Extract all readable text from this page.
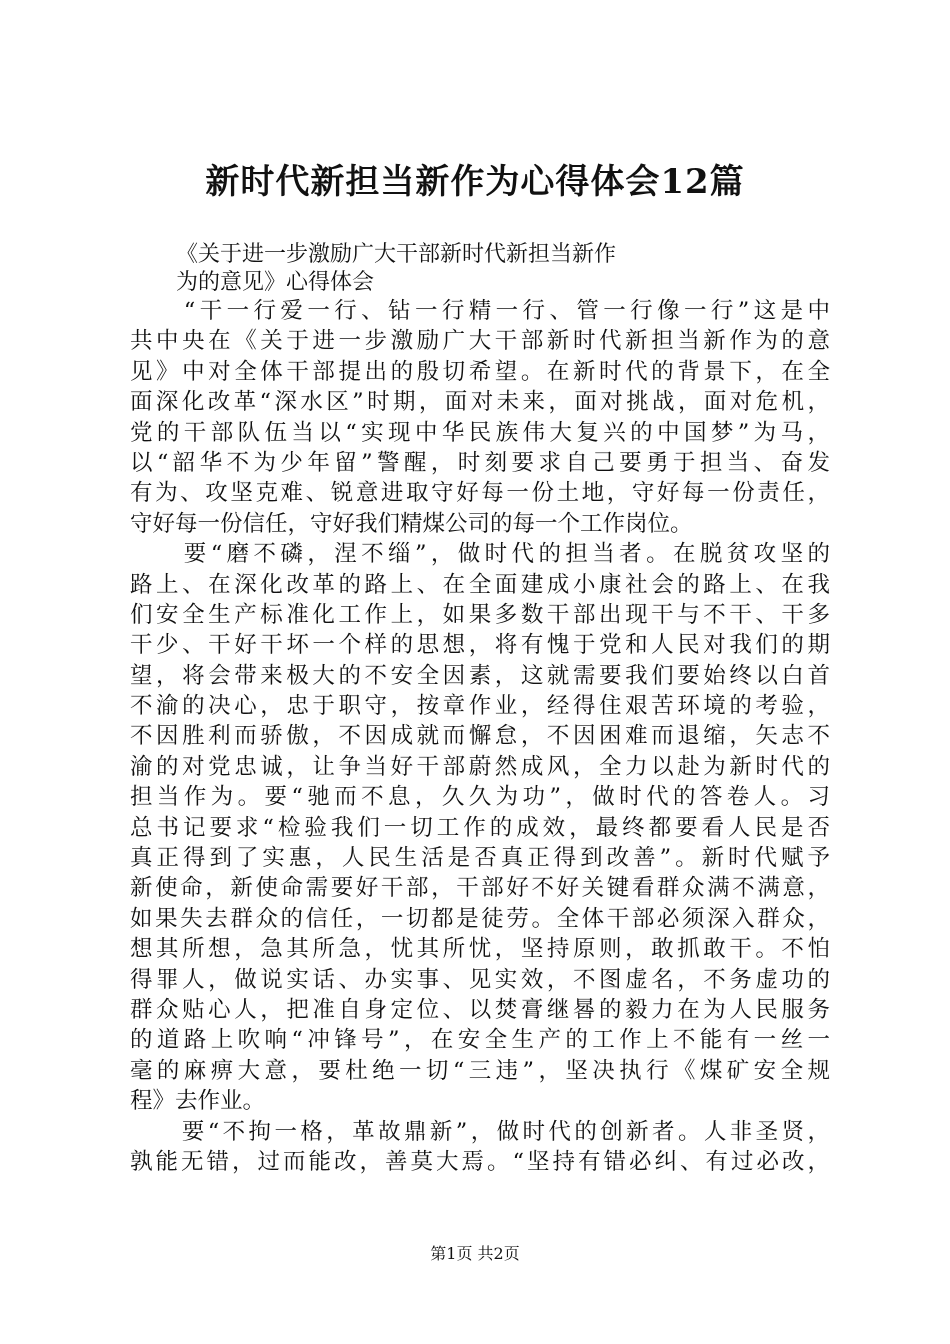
新时代新担当新作为心得体会12篇
《关于进一步激励广大干部新时代新担当新作
为的意见》心得体会
　　“干一行爱一行、钻一行精一行、管一行像一行”这是中
共中央在《关于进一步激励广大干部新时代新担当新作为的意
见》中对全体干部提出的殷切希望。在新时代的背景下，在全
面深化改革“深水区”时期，面对未来，面对挑战，面对危机，
党的干部队伍当以“实现中华民族伟大复兴的中国梦”为马，
以“韶华不为少年留”警醒，时刻要求自己要勇于担当、奋发
有为、攻坚克难、锐意进取守好每一份土地，守好每一份责任，
守好每一份信任，守好我们精煤公司的每一个工作岗位。
　　要“磨不磷，涅不缁”，做时代的担当者。在脱贫攻坚的
路上、在深化改革的路上、在全面建成小康社会的路上、在我
们安全生产标准化工作上，如果多数干部出现干与不干、干多
干少、干好干坏一个样的思想，将有愧于党和人民对我们的期
望，将会带来极大的不安全因素，这就需要我们要始终以白首
不渝的决心，忠于职守，按章作业，经得住艰苦环境的考验，
不因胜利而骄傲，不因成就而懈怠，不因困难而退缩，矢志不
渝的对党忠诚，让争当好干部蔚然成风，全力以赴为新时代的
担当作为。要“驰而不息，久久为功”，做时代的答卷人。习
总书记要求“检验我们一切工作的成效，最终都要看人民是否
真正得到了实惠，人民生活是否真正得到改善”。新时代赋予
新使命，新使命需要好干部，干部好不好关键看群众满不满意，
如果失去群众的信任，一切都是徒劳。全体干部必须深入群众，
想其所想，急其所急，忧其所忧，坚持原则，敢抓敢干。不怕
得罪人，做说实话、办实事、见实效，不图虚名，不务虚功的
群众贴心人，把准自身定位、以焚膏继晷的毅力在为人民服务
的道路上吹响“冲锋号”，在安全生产的工作上不能有一丝一
毫的麻痹大意，要杜绝一切“三违”，坚决执行《煤矿安全规
程》去作业。
　　要“不拘一格，革故鼎新”，做时代的创新者。人非圣贤，
孰能无错，过而能改，善莫大焉。“坚持有错必纠、有过必改，
第1页 共2页
